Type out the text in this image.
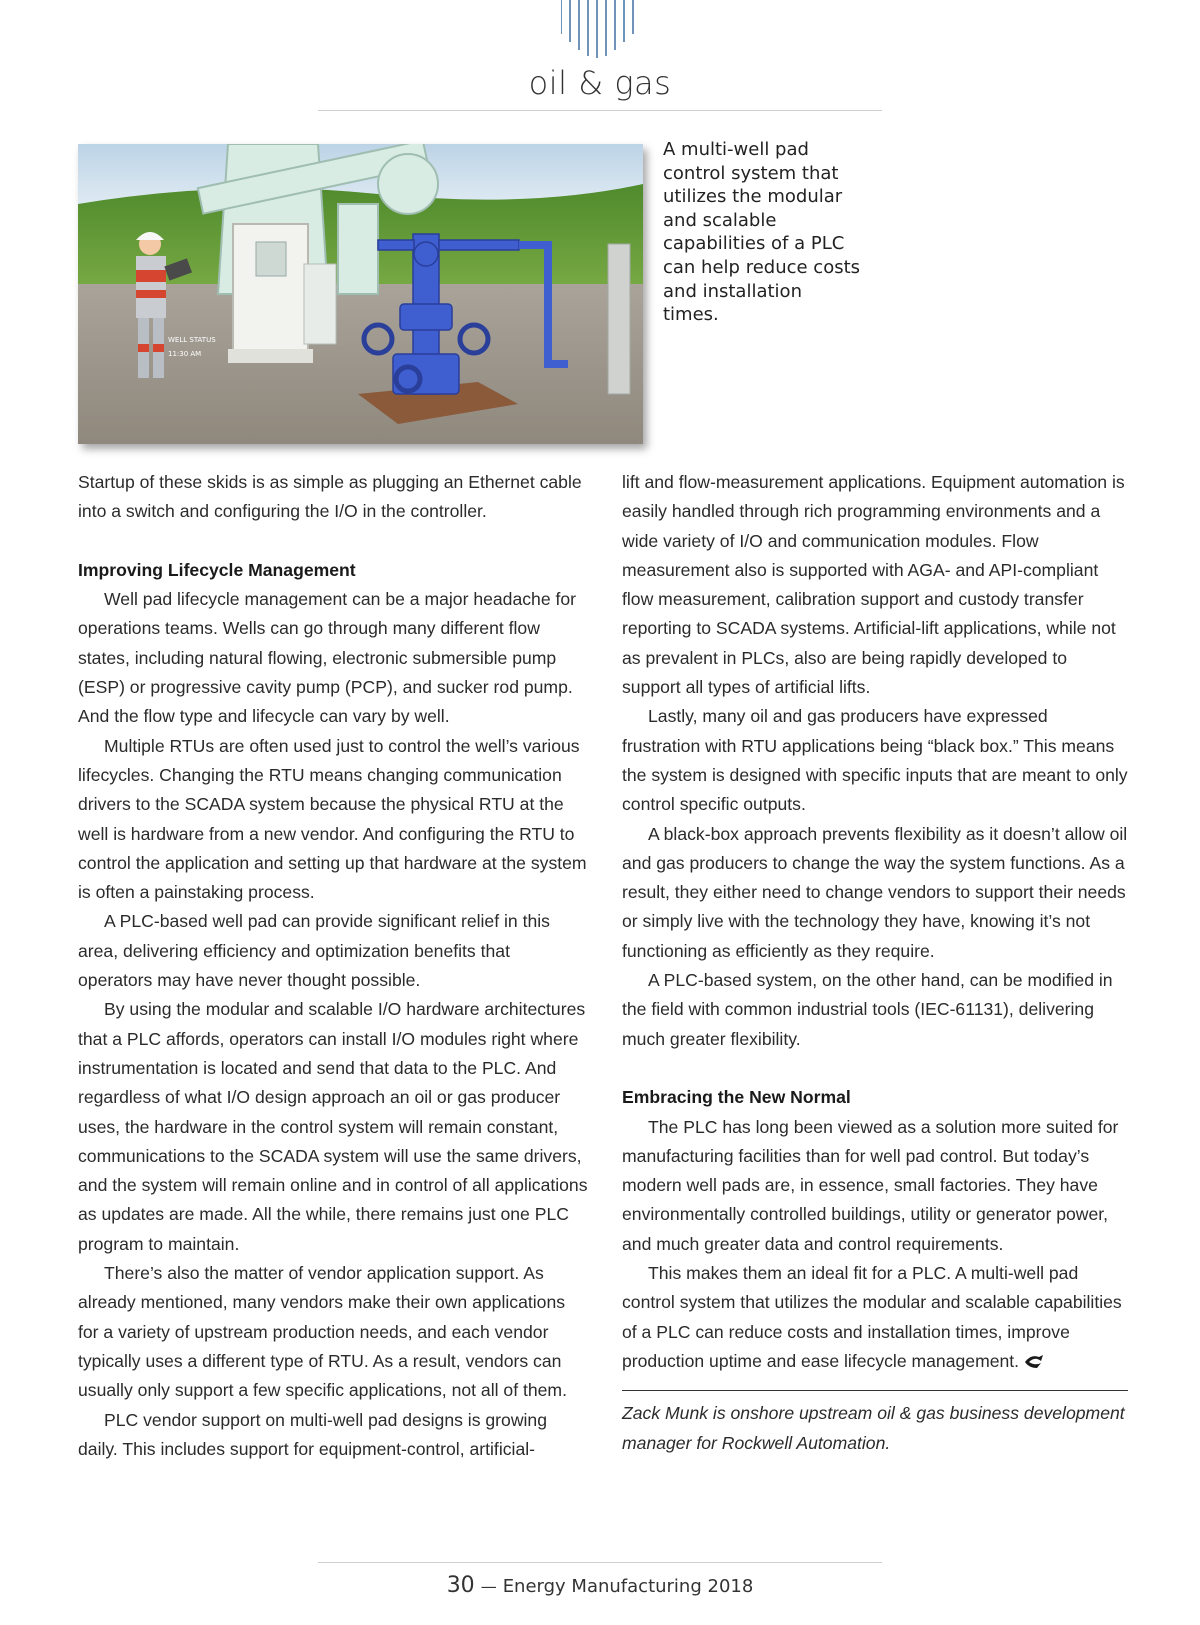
oil & gas
WELL STATUS
11:30 AM
A multi-well pad control system that utilizes the modular and scalable capabilities of a PLC can help reduce costs and installation times.

Startup of these skids is as simple as plugging an Ethernet cable into a switch and configuring the I/O in the controller.

Improving Lifecycle Management

Well pad lifecycle management can be a major headache for operations teams. Wells can go through many different flow states, including natural flowing, electronic submersible pump (ESP) or progressive cavity pump (PCP), and sucker rod pump. And the flow type and lifecycle can vary by well.

Multiple RTUs are often used just to control the well’s various lifecycles. Changing the RTU means changing communication drivers to the SCADA system because the physical RTU at the well is hardware from a new vendor. And configuring the RTU to control the application and setting up that hardware at the system is often a painstaking process.

A PLC-based well pad can provide significant relief in this area, delivering efficiency and optimization benefits that operators may have never thought possible.

By using the modular and scalable I/O hardware architectures that a PLC affords, operators can install I/O modules right where instrumentation is located and send that data to the PLC. And regardless of what I/O design approach an oil or gas producer uses, the hardware in the control system will remain constant, communications to the SCADA system will use the same drivers, and the system will remain online and in control of all applications as updates are made. All the while, there remains just one PLC program to maintain.

There’s also the matter of vendor application support. As already mentioned, many vendors make their own applications for a variety of upstream production needs, and each vendor typically uses a different type of RTU. As a result, vendors can usually only support a few specific applications, not all of them.

PLC vendor support on multi-well pad designs is growing daily. This includes support for equipment-control, artificial-

lift and flow-measurement applications. Equipment automation is easily handled through rich programming environments and a wide variety of I/O and communication modules. Flow measurement also is supported with AGA- and API-compliant flow measurement, calibration support and custody transfer reporting to SCADA systems. Artificial-lift applications, while not as prevalent in PLCs, also are being rapidly developed to support all types of artificial lifts.

Lastly, many oil and gas producers have expressed frustration with RTU applications being “black box.” This means the system is designed with specific inputs that are meant to only control specific outputs.

A black-box approach prevents flexibility as it doesn’t allow oil and gas producers to change the way the system functions. As a result, they either need to change vendors to support their needs or simply live with the technology they have, knowing it’s not functioning as efficiently as they require.

A PLC-based system, on the other hand, can be modified in the field with common industrial tools (IEC-61131), delivering much greater flexibility.

Embracing the New Normal

The PLC has long been viewed as a solution more suited for manufacturing facilities than for well pad control. But today’s modern well pads are, in essence, small factories. They have environmentally controlled buildings, utility or generator power, and much greater data and control requirements.

This makes them an ideal fit for a PLC. A multi-well pad control system that utilizes the modular and scalable capabilities of a PLC can reduce costs and installation times, improve production uptime and ease lifecycle management.

Zack Munk is onshore upstream oil & gas business development manager for Rockwell Automation.

30 — Energy Manufacturing 2018
